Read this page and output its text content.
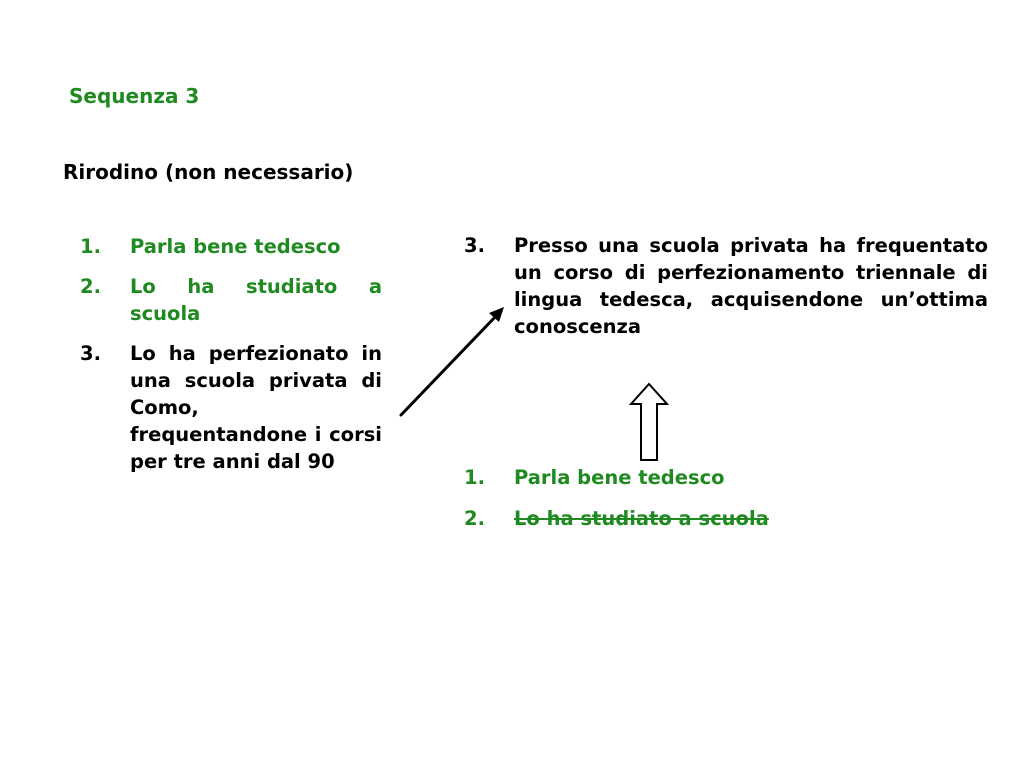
Sequenza 3
Rirodino (non necessario)
1. Parla bene tedesco
2. Lo ha studiato a scuola
3. Lo ha perfezionato in una scuola privata di Como, frequentandone i corsi per tre anni dal 90
3. Presso una scuola privata ha frequentato un corso di perfezionamento triennale di lingua tedesca, acquisendone un’ottima conoscenza
1. Parla bene tedesco
2. Lo ha studiato a scuola
